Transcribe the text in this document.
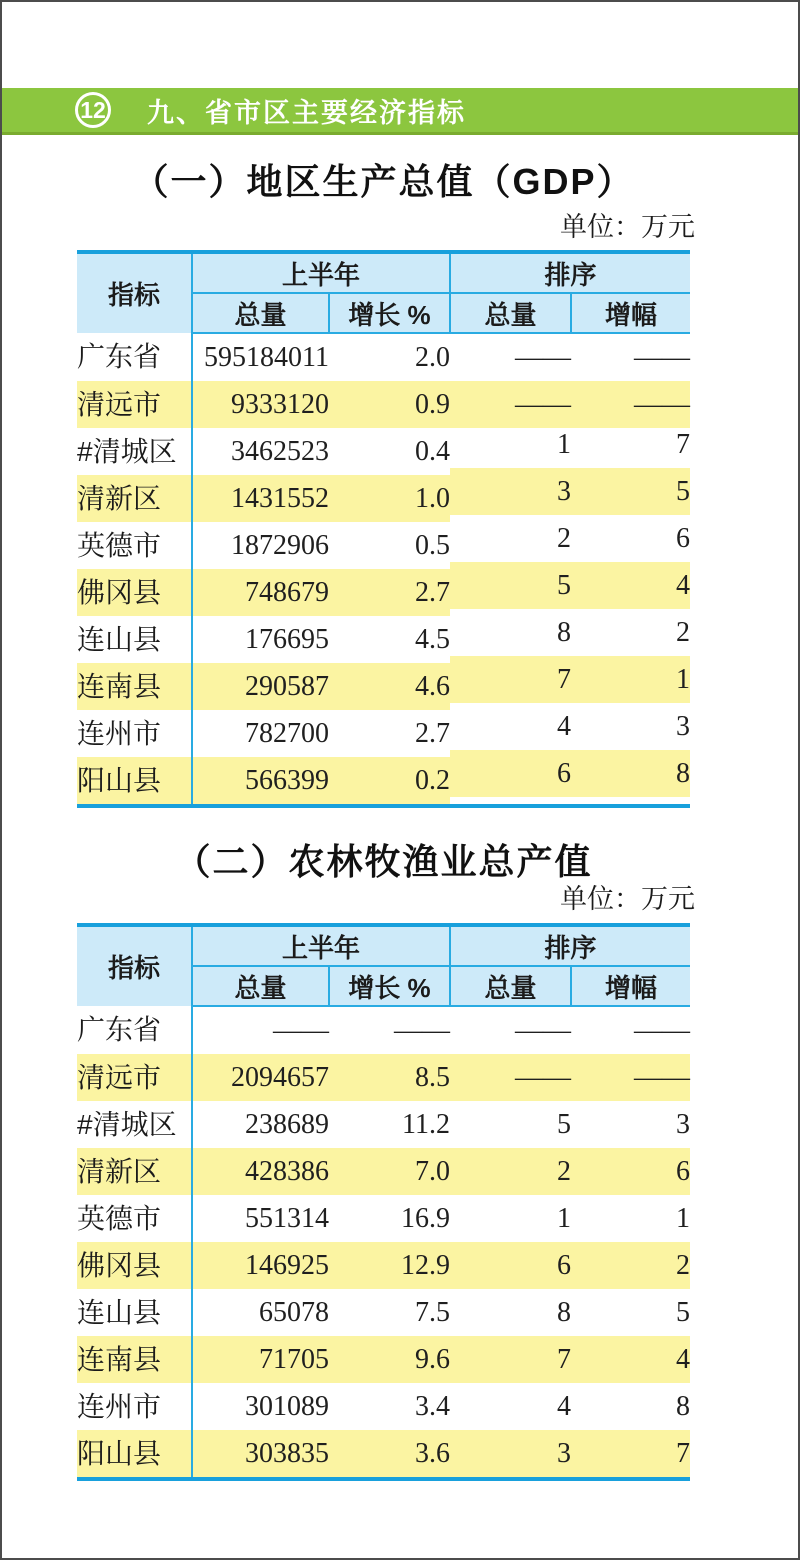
12 九、省市区主要经济指标
（一）地区生产总值（GDP）
单位：万元
指标	上半年		排序	
	总量	增长 %	总量	增幅
广东省	595184011	2.0	——	——
清远市	9333120	0.9	——	——
#清城区	3462523	0.4	1	7
清新区	1431552	1.0	3	5
英德市	1872906	0.5	2	6
佛冈县	748679	2.7	5	4
连山县	176695	4.5	8	2
连南县	290587	4.6	7	1
连州市	782700	2.7	4	3
阳山县	566399	0.2	6	8
（二）农林牧渔业总产值
单位：万元
指标	上半年		排序	
	总量	增长 %	总量	增幅
广东省	——	——	——	——
清远市	2094657	8.5	——	——
#清城区	238689	11.2	5	3
清新区	428386	7.0	2	6
英德市	551314	16.9	1	1
佛冈县	146925	12.9	6	2
连山县	65078	7.5	8	5
连南县	71705	9.6	7	4
连州市	301089	3.4	4	8
阳山县	303835	3.6	3	7
